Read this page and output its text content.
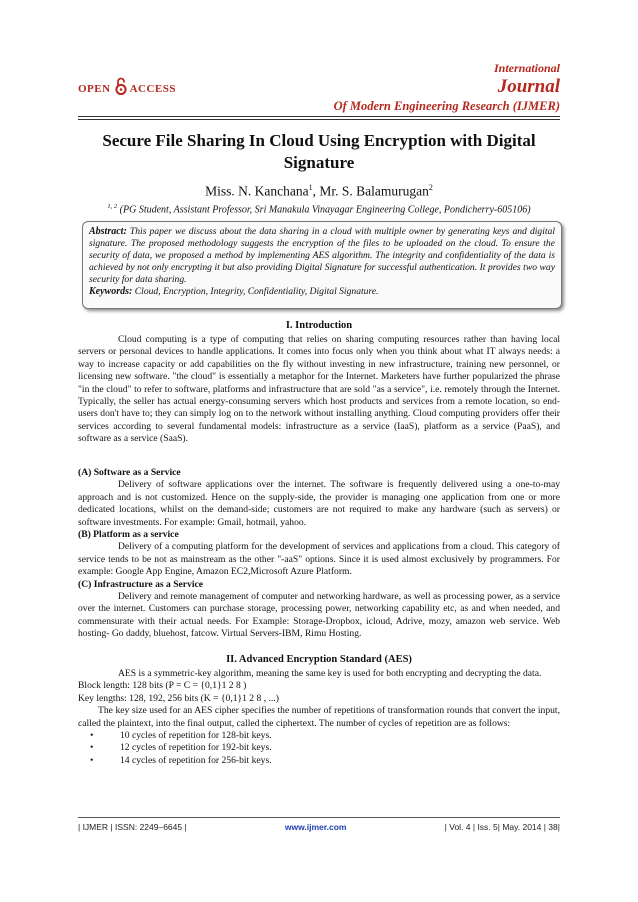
International
Journal
Of Modern Engineering Research (IJMER)
OPEN ACCESS
Secure File Sharing In Cloud Using Encryption with Digital Signature
Miss. N. Kanchana$^1$, Mr. S. Balamurugan$^2$
$^{1, 2}$ (PG Student, Assistant Professor, Sri Manakula Vinayagar Engineering College, Pondicherry-605106)

Abstract: This paper we discuss about the data sharing in a cloud with multiple owner by generating keys and digital signature. The proposed methodology suggests the encryption of the files to be uploaded on the cloud. To ensure the security of data, we proposed a method by implementing AES algorithm. The integrity and confidentiality of the data is achieved by not only encrypting it but also providing Digital Signature for successful authentication. It provides two way security for data sharing.

Keywords: Cloud, Encryption, Integrity, Confidentiality, Digital Signature.

I. Introduction

Cloud computing is a type of computing that relies on sharing computing resources rather than having local servers or personal devices to handle applications. It comes into focus only when you think about what IT always needs: a way to increase capacity or add capabilities on the fly without investing in new infrastructure, training new personnel, or licensing new software. "the cloud" is essentially a metaphor for the Internet. Marketers have further popularized the phrase "in the cloud" to refer to software, platforms and infrastructure that are sold "as a service", i.e. remotely through the Internet. Typically, the seller has actual energy-consuming servers which host products and services from a remote location, so end-users don't have to; they can simply log on to the network without installing anything. Cloud computing providers offer their services according to several fundamental models: infrastructure as a service (IaaS), platform as a service (PaaS), and software as a service (SaaS).

(A) Software as a Service

Delivery of software applications over the internet. The software is frequently delivered using a one-to-may approach and is not customized. Hence on the supply-side, the provider is managing one application from one or more dedicated locations, whilst on the demand-side; customers are not required to make any hardware (such as servers) or software investments. For example: Gmail, hotmail, yahoo.

(B) Platform as a service

Delivery of a computing platform for the development of services and applications from a cloud. This category of service tends to be not as mainstream as the other "-aaS" options. Since it is used almost exclusively by programmers. For example: Google App Engine, Amazon EC2,Microsoft Azure Platform.

(C) Infrastructure as a Service

Delivery and remote management of computer and networking hardware, as well as processing power, as a service over the internet. Customers can purchase storage, processing power, networking capability etc, as and when needed, and commensurate with their actual needs. For Example: Storage-Dropbox, icloud, Adrive, mozy, amazon web service. Web hosting- Go daddy, bluehost, fatcow. Virtual Servers-IBM, Rimu Hosting.

II. Advanced Encryption Standard (AES)

AES is a symmetric-key algorithm, meaning the same key is used for both encrypting and decrypting the data.

Block length: 128 bits (P = C = {0,1}1 2 8 )

Key lengths: 128, 192, 256 bits (K = {0,1}1 2 8 , ...)

The key size used for an AES cipher specifies the number of repetitions of transformation rounds that convert the input, called the plaintext, into the final output, called the ciphertext. The number of cycles of repetition are as follows:

•	10 cycles of repetition for 128-bit keys.
•	12 cycles of repetition for 192-bit keys.
•	14 cycles of repetition for 256-bit keys.
| IJMER | ISSN: 2249–6645 |	www.ijmer.com	| Vol. 4 | Iss. 5| May. 2014 | 38|
